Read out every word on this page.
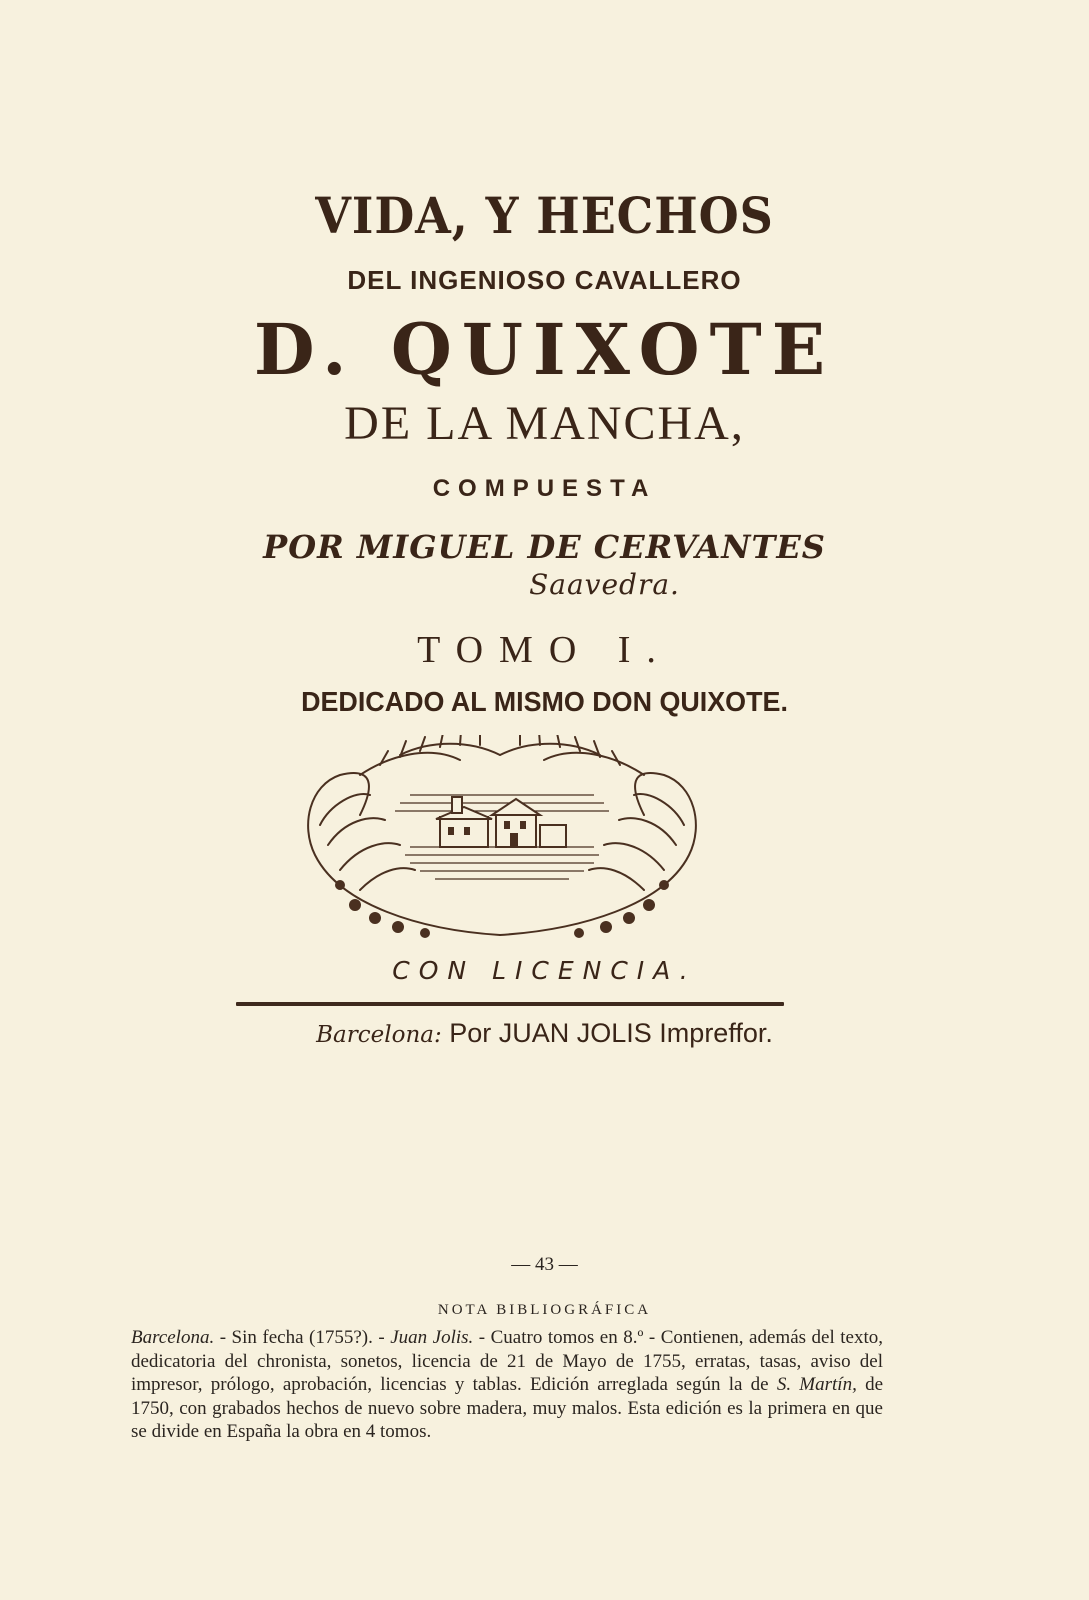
VIDA, Y HECHOS
DEL INGENIOSO CAVALLERO
D. QUIXOTE
DE LA MANCHA,
COMPUESTA
POR MIGUEL DE CERVANTES
Saavedra.
TOMO I.
DEDICADO AL MISMO DON QUIXOTE.
CON LICENCIA.
Barcelona: Por JUAN JOLIS Impreffor.
— 43 —
NOTA BIBLIOGRÁFICA
Barcelona. - Sin fecha (1755?). - Juan Jolis. - Cuatro tomos en 8.º - Contienen, además del texto, dedicatoria del chronista, sonetos, licencia de 21 de Mayo de 1755, erratas, tasas, aviso del impresor, prólogo, aprobación, licencias y tablas. Edición arreglada según la de S. Martín, de 1750, con grabados hechos de nuevo sobre madera, muy malos. Esta edición es la primera en que se divide en España la obra en 4 tomos.
